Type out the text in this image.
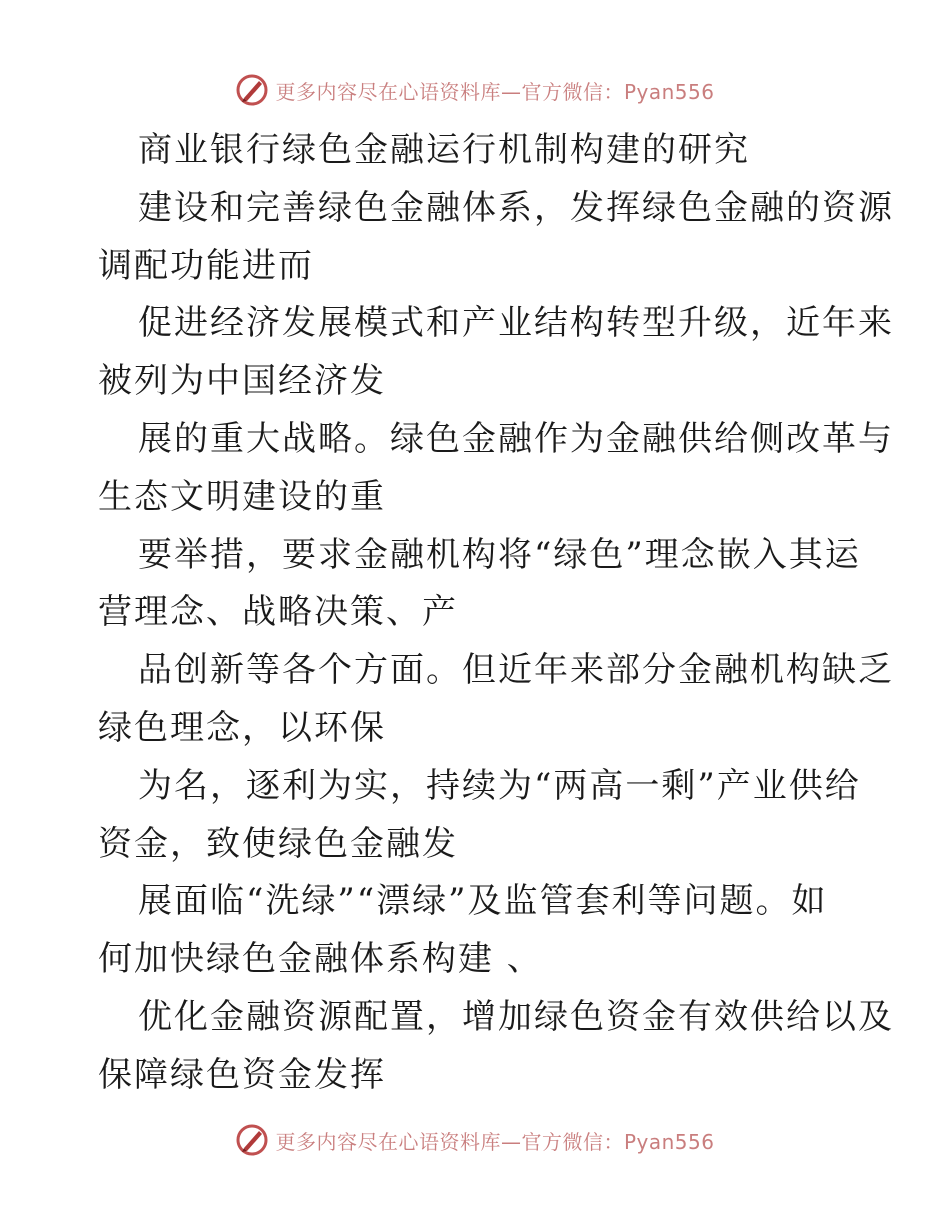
更多内容尽在心语资料库—官方微信：Pyan556

商业银行绿色金融运行机制构建的研究

建设和完善绿色金融体系，发挥绿色金融的资源
调配功能进而
促进经济发展模式和产业结构转型升级，近年来
被列为中国经济发
展的重大战略。绿色金融作为金融供给侧改革与
生态文明建设的重
要举措，要求金融机构将“绿色”理念嵌入其运
营理念、战略决策、产
品创新等各个方面。但近年来部分金融机构缺乏
绿色理念，以环保
为名，逐利为实，持续为“两高一剩”产业供给
资金，致使绿色金融发
展面临“洗绿”“漂绿”及监管套利等问题。如
何加快绿色金融体系构建 、
优化金融资源配置，增加绿色资金有效供给以及
保障绿色资金发挥
更多内容尽在心语资料库—官方微信：Pyan556
